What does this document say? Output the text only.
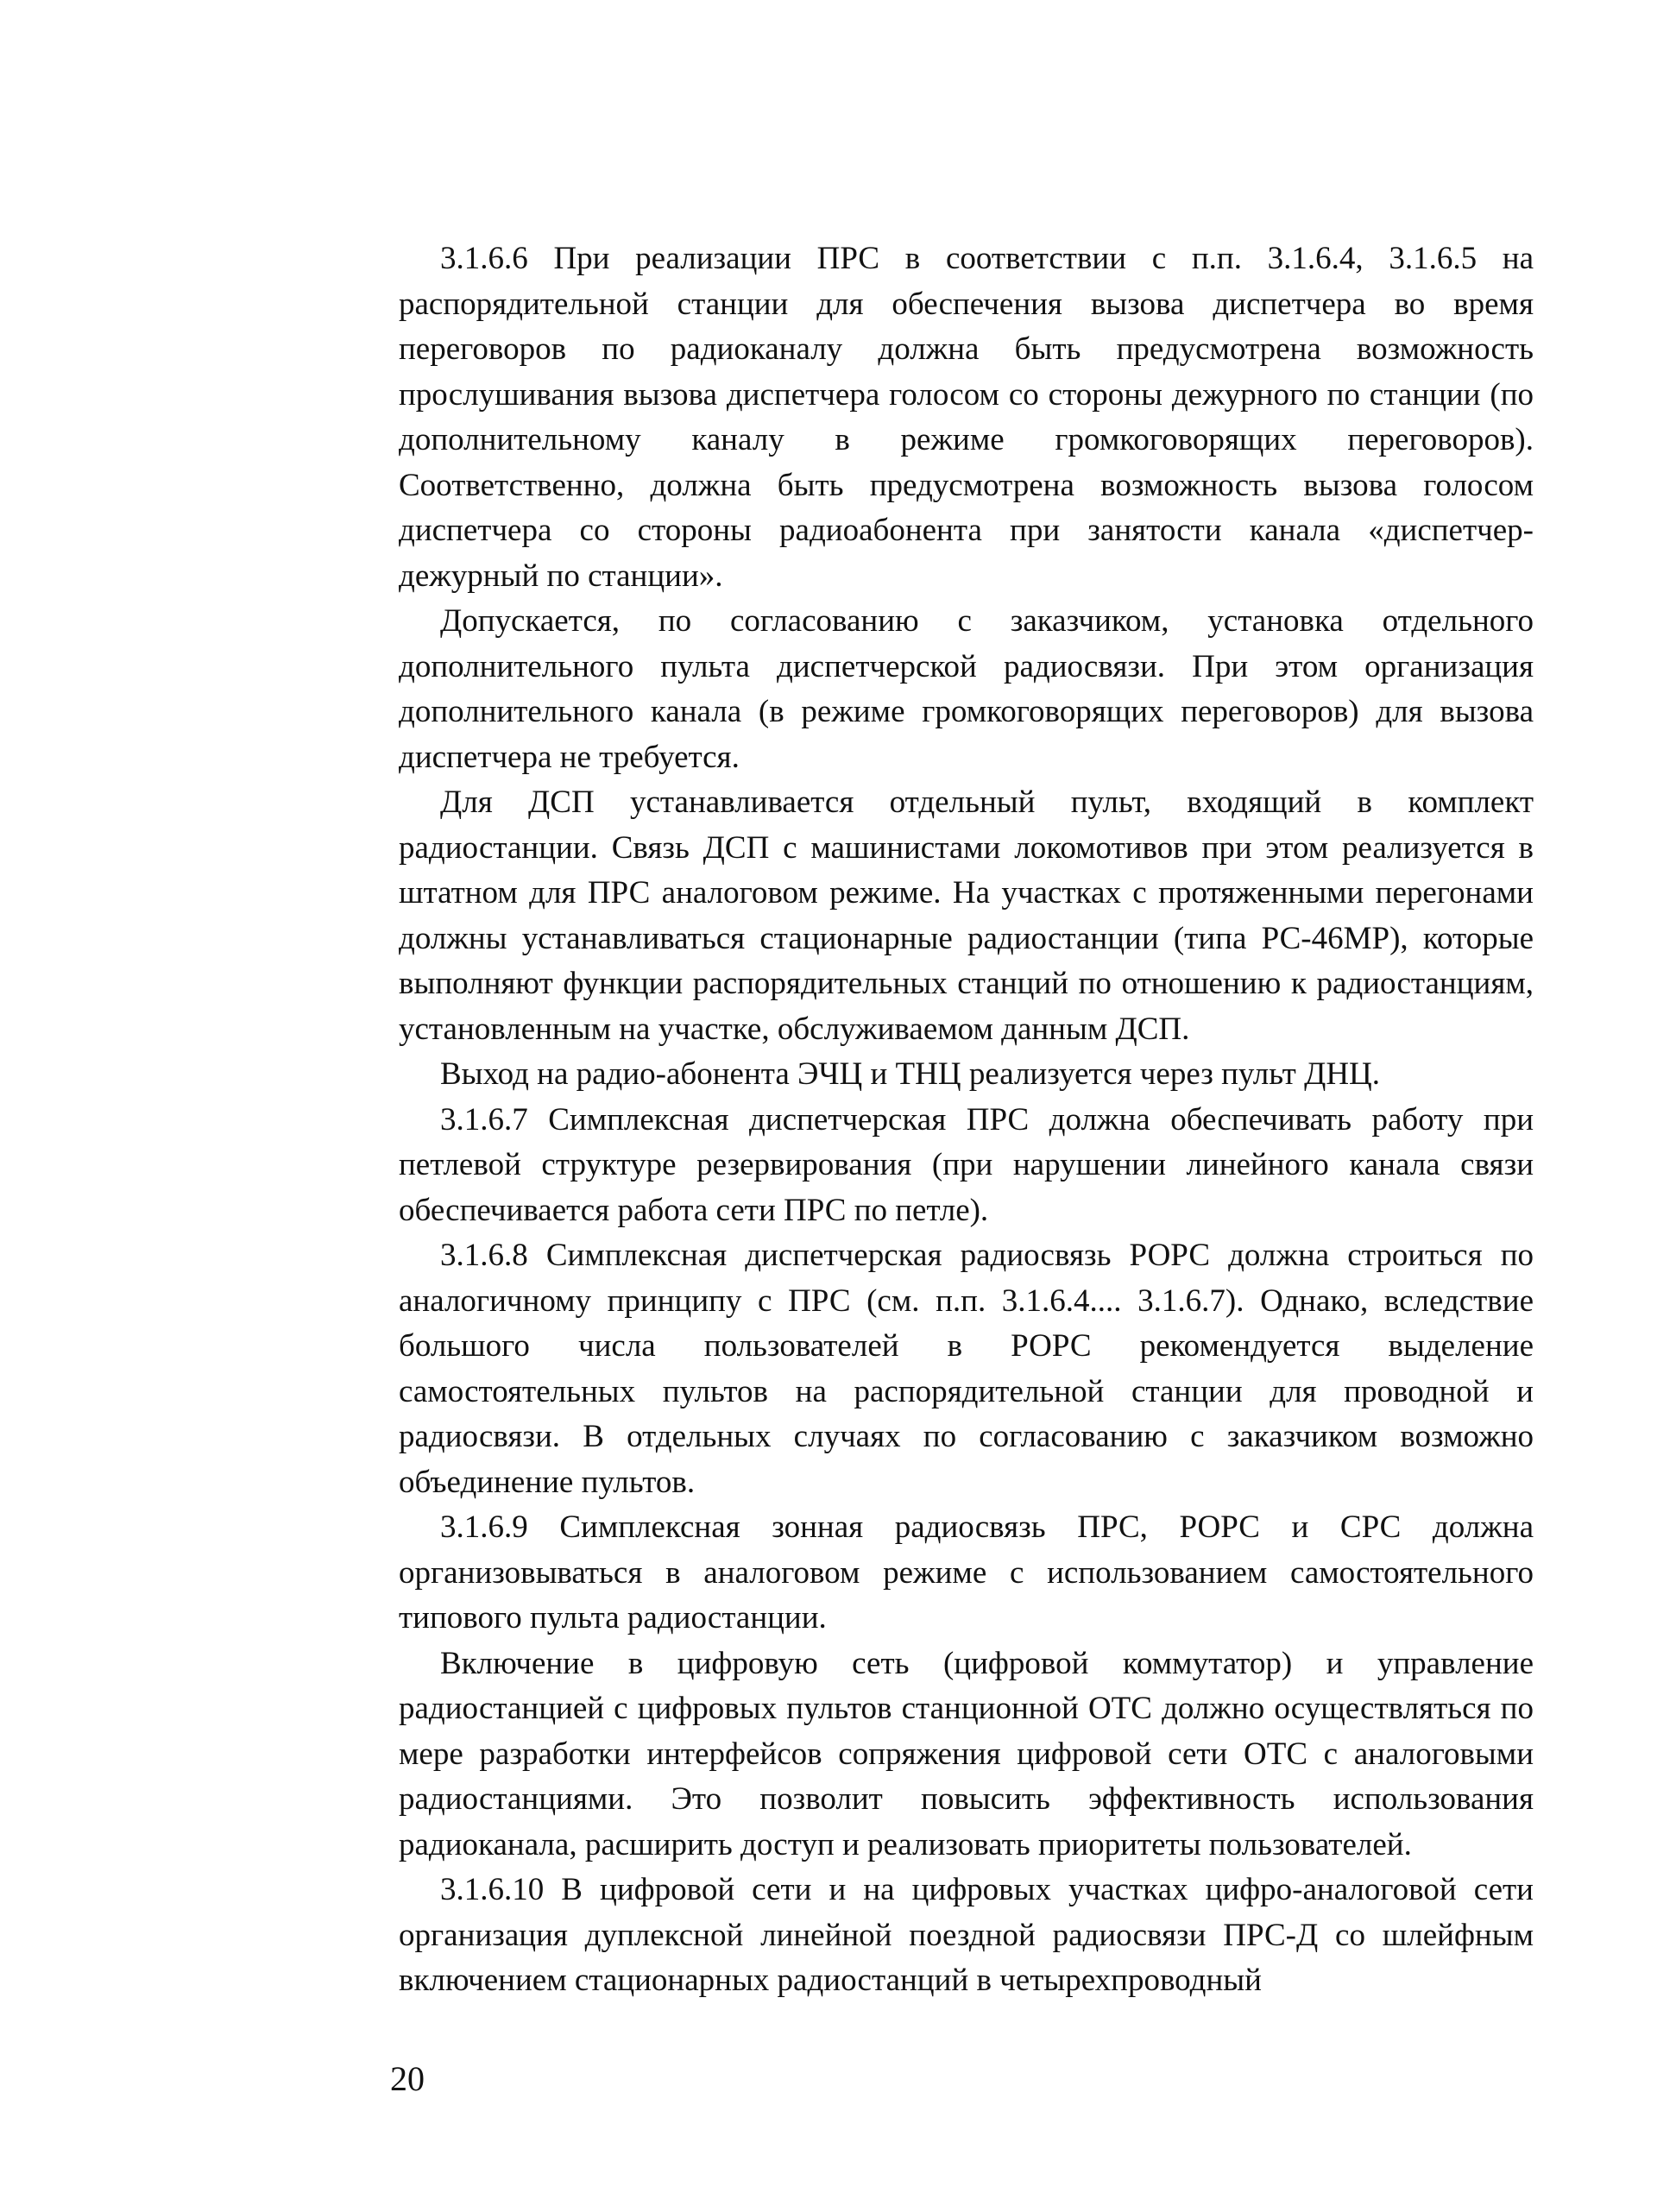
3.1.6.6 При реализации ПРС в соответствии с п.п. 3.1.6.4, 3.1.6.5 на распорядительной станции для обеспечения вызова диспетчера во время переговоров по радиоканалу должна быть предусмотрена возможность прослушивания вызова диспетчера голосом со стороны дежурного по станции (по дополнительному каналу в режиме громкоговорящих переговоров). Соответственно, должна быть предусмотрена возможность вызова голосом диспетчера со стороны радиоабонента при занятости канала «диспетчер-дежурный по станции».

Допускается, по согласованию с заказчиком, установка отдельного дополнительного пульта диспетчерской радиосвязи. При этом организация дополнительного канала (в режиме громкоговорящих переговоров) для вызова диспетчера не требуется.

Для ДСП устанавливается отдельный пульт, входящий в комплект радиостанции. Связь ДСП с машинистами локомотивов при этом реализуется в штатном для ПРС аналоговом режиме. На участках с протяженными перегонами должны устанавливаться стационарные радиостанции (типа РС-46МР), которые выполняют функции распорядительных станций по отношению к радиостанциям, установленным на участке, обслуживаемом данным ДСП.

Выход на радио-абонента ЭЧЦ и ТНЦ реализуется через пульт ДНЦ.

3.1.6.7 Симплексная диспетчерская ПРС должна обеспечивать работу при петлевой структуре резервирования (при нарушении линейного канала связи обеспечивается работа сети ПРС по петле).

3.1.6.8 Симплексная диспетчерская радиосвязь РОРС должна строиться по аналогичному принципу с ПРС (см. п.п. 3.1.6.4.... 3.1.6.7). Однако, вследствие большого числа пользователей в РОРС рекомендуется выделение самостоятельных пультов на распорядительной станции для проводной и радиосвязи. В отдельных случаях по согласованию с заказчиком возможно объединение пультов.

3.1.6.9 Симплексная зонная радиосвязь ПРС, РОРС и СРС должна организовываться в аналоговом режиме с использованием самостоятельного типового пульта радиостанции.

Включение в цифровую сеть (цифровой коммутатор) и управление радиостанцией с цифровых пультов станционной ОТС должно осуществляться по мере разработки интерфейсов сопряжения цифровой сети ОТС с аналоговыми радиостанциями. Это позволит повысить эффективность использования радиоканала, расширить доступ и реализовать приоритеты пользователей.

3.1.6.10 В цифровой сети и на цифровых участках цифро-аналоговой сети организация дуплексной линейной поездной радиосвязи ПРС-Д со шлейфным включением стационарных радиостанций в четырехпроводный

20
